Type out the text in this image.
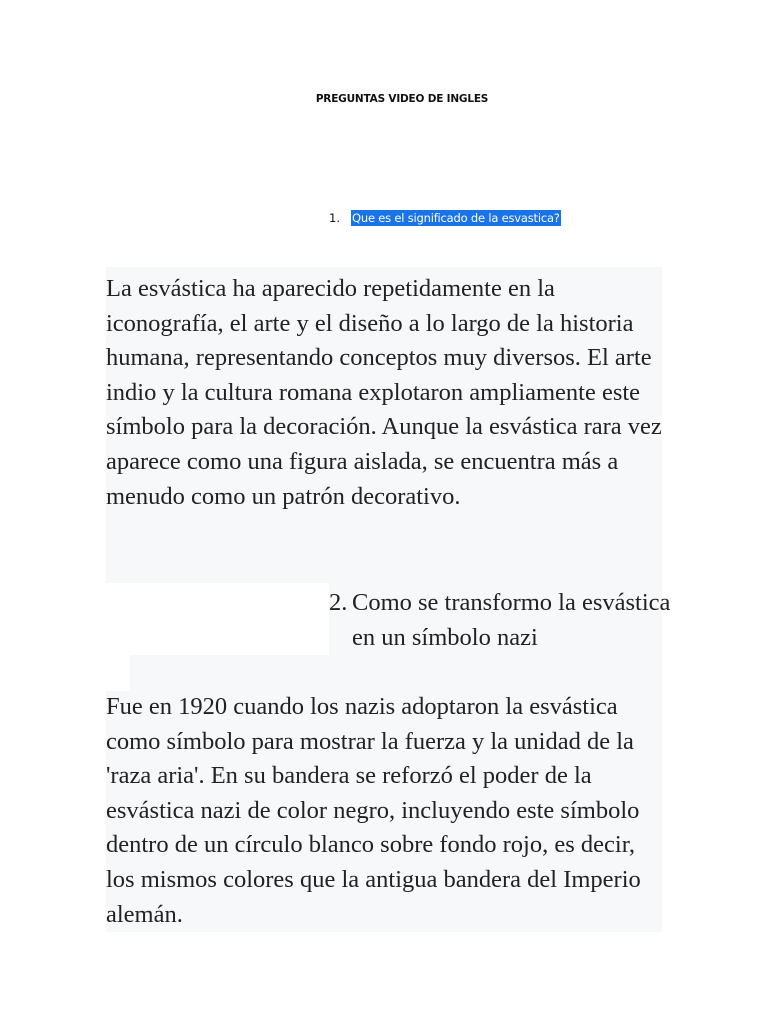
PREGUNTAS VIDEO DE INGLES
1. Que es el significado de la esvastica?

La esvástica ha aparecido repetidamente en la iconografía, el arte y el diseño a lo largo de la historia humana, representando conceptos muy diversos. El arte indio y la cultura romana explotaron ampliamente este símbolo para la decoración. Aunque la esvástica rara vez aparece como una figura aislada, se encuentra más a menudo como un patrón decorativo.

2. Como se transformo la esvástica en un símbolo nazi

Fue en 1920 cuando los nazis adoptaron la esvástica como símbolo para mostrar la fuerza y la unidad de la 'raza aria'. En su bandera se reforzó el poder de la esvástica nazi de color negro, incluyendo este símbolo dentro de un círculo blanco sobre fondo rojo, es decir, los mismos colores que la antigua bandera del Imperio alemán.
